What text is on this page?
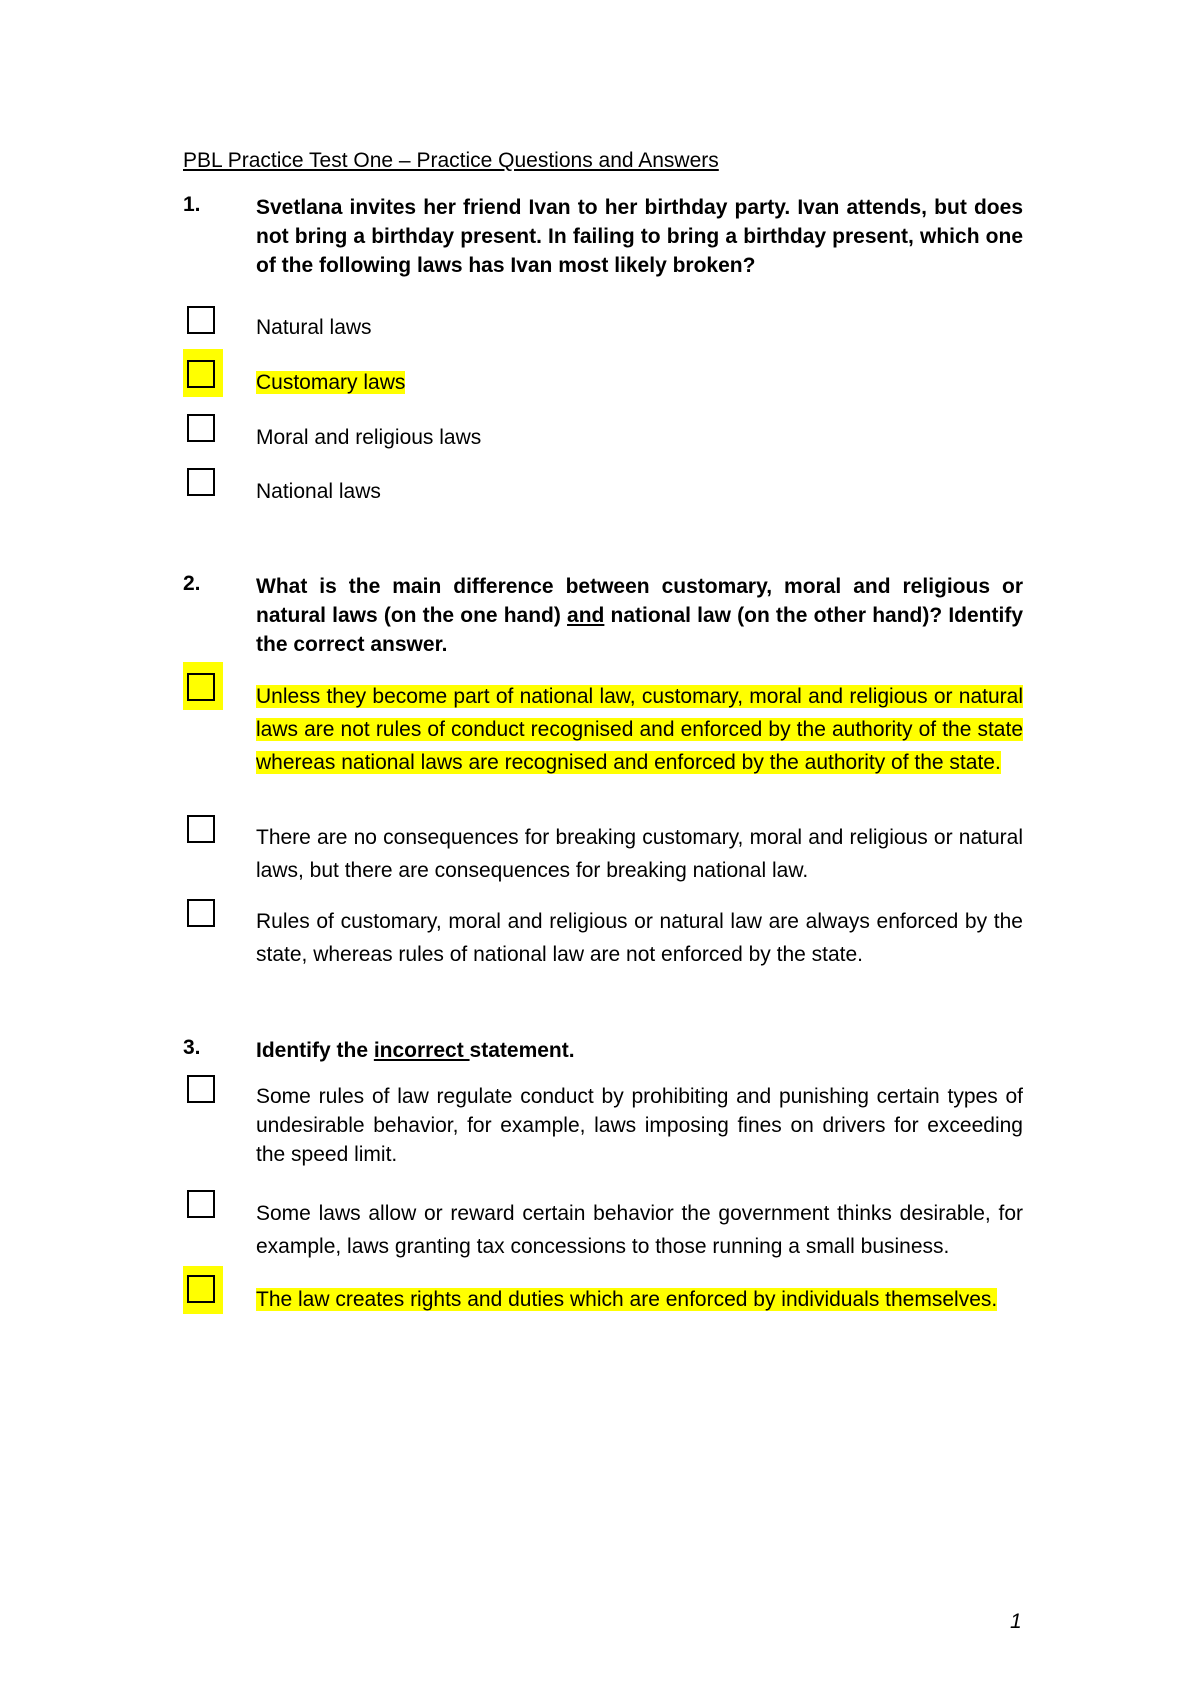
PBL Practice Test One – Practice Questions and Answers
1.	Svetlana invites her friend Ivan to her birthday party. Ivan attends, but does not bring a birthday present. In failing to bring a birthday present, which one of the following laws has Ivan most likely broken?
Natural laws
Customary laws
Moral and religious laws
National laws
2.	What is the main difference between customary, moral and religious or natural laws (on the one hand) and national law (on the other hand)? Identify the correct answer.
Unless they become part of national law, customary, moral and religious or natural laws are not rules of conduct recognised and enforced by the authority of the state whereas national laws are recognised and enforced by the authority of the state.
There are no consequences for breaking customary, moral and religious or natural laws, but there are consequences for breaking national law.
Rules of customary, moral and religious or natural law are always enforced by the state, whereas rules of national law are not enforced by the state.
3.	Identify the incorrect statement.
Some rules of law regulate conduct by prohibiting and punishing certain types of undesirable behavior, for example, laws imposing fines on drivers for exceeding the speed limit.
Some laws allow or reward certain behavior the government thinks desirable, for example, laws granting tax concessions to those running a small business.
The law creates rights and duties which are enforced by individuals themselves.
1
